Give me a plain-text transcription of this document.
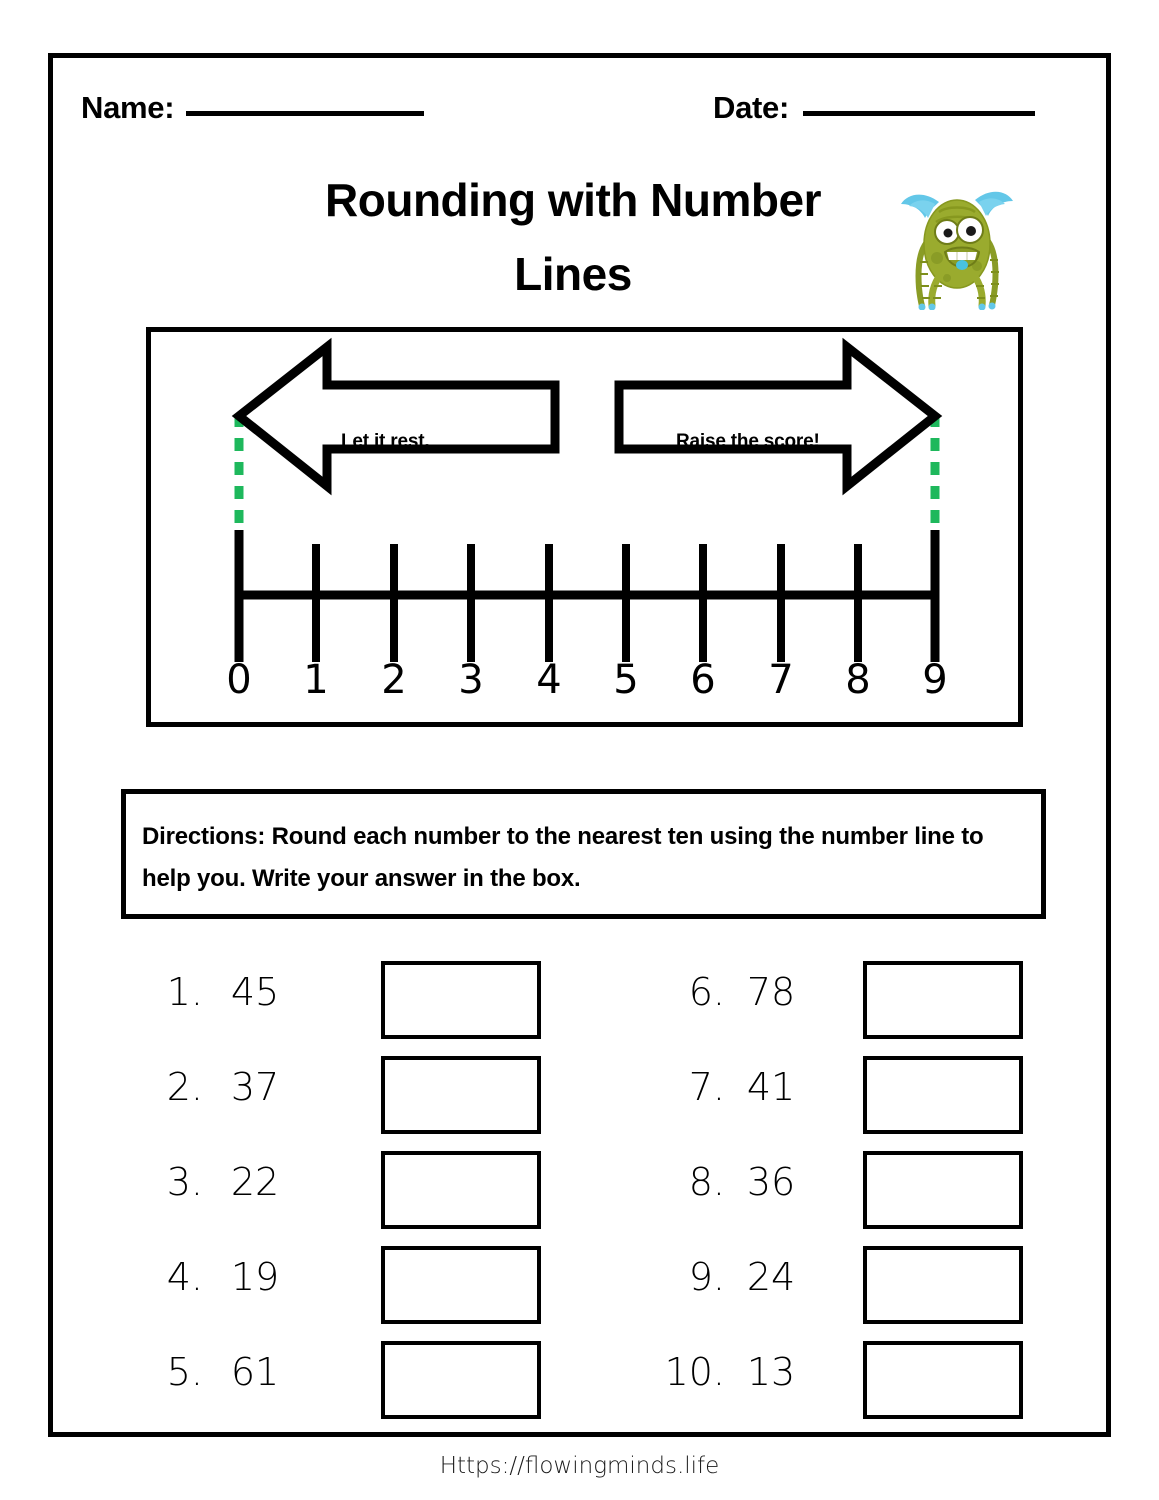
Name:	Date:
Rounding with Number
Lines
Let it rest.	Raise the score!
0 1 2 3 4 5 6 7 8 9
Directions: Round each number to the nearest ten using the number line to help you. Write your answer in the box.
1. 45
2. 37
3. 22
4. 19
5. 61
6. 78
7. 41
8. 36
9. 24
10. 13
Https://flowingminds.life
